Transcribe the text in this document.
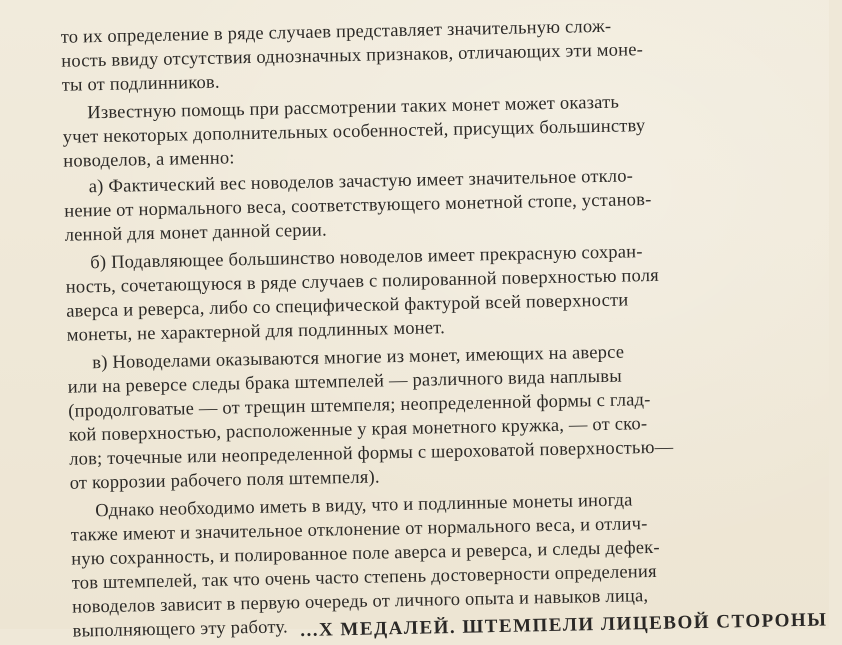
то их определение в ряде случаев представляет значительную слож-
ность ввиду отсутствия однозначных признаков, отличающих эти моне-
ты от подлинников.
Известную помощь при рассмотрении таких монет может оказать
учет некоторых дополнительных особенностей, присущих большинству
новоделов, а именно:
а) Фактический вес новоделов зачастую имеет значительное откло-
нение от нормального веса, соответствующего монетной стопе, установ-
ленной для монет данной серии.
б) Подавляющее большинство новоделов имеет прекрасную сохран-
ность, сочетающуюся в ряде случаев с полированной поверхностью поля
аверса и реверса, либо со специфической фактурой всей поверхности
монеты, не характерной для подлинных монет.
в) Новоделами оказываются многие из монет, имеющих на аверсе
или на реверсе следы брака штемпелей — различного вида наплывы
(продолговатые — от трещин штемпеля; неопределенной формы с глад-
кой поверхностью, расположенные у края монетного кружка, — от ско-
лов; точечные или неопределенной формы с шероховатой поверхностью—
от коррозии рабочего поля штемпеля).
Однако необходимо иметь в виду, что и подлинные монеты иногда
также имеют и значительное отклонение от нормального веса, и отлич-
ную сохранность, и полированное поле аверса и реверса, и следы дефек-
тов штемпелей, так что очень часто степень достоверности определения
новоделов зависит в первую очередь от личного опыта и навыков лица,
выполняющего эту работу. ...Х МЕДАЛЕЙ. ШТЕМПЕЛИ ЛИЦЕВОЙ СТОРОНЫ
